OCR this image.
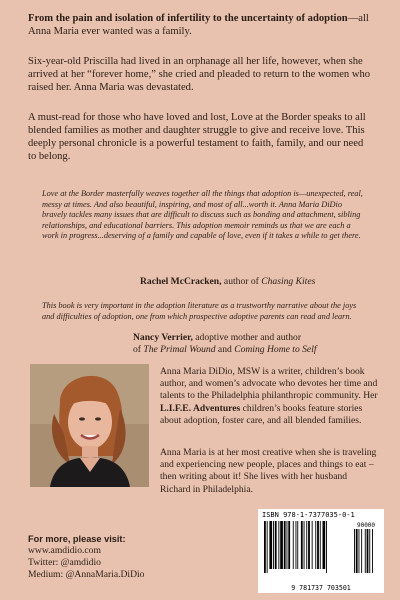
From the pain and isolation of infertility to the uncertainty of adoption—all Anna Maria ever wanted was a family.

Six-year-old Priscilla had lived in an orphanage all her life, however, when she arrived at her “forever home,” she cried and pleaded to return to the women who raised her. Anna Maria was devastated.

A must-read for those who have loved and lost, Love at the Border speaks to all blended families as mother and daughter struggle to give and receive love. This deeply personal chronicle is a powerful testament to faith, family, and our need to belong.

Love at the Border masterfully weaves together all the things that adoption is—unexpected, real, messy at times. And also beautiful, inspiring, and most of all...worth it. Anna Maria DiDio bravely tackles many issues that are difficult to discuss such as bonding and attachment, sibling relationships, and educational barriers. This adoption memoir reminds us that we are each a work in progress...deserving of a family and capable of love, even if it takes a while to get there.
Rachel McCracken, author of Chasing Kites
This book is very important in the adoption literature as a trustworthy narrative about the joys and difficulties of adoption, one from which prospective adoptive parents can read and learn.
Nancy Verrier, adoptive mother and author
of The Primal Wound and Coming Home to Self
Anna Maria DiDio, MSW is a writer, children’s book author, and women’s advocate who devotes her time and talents to the Philadelphia philanthropic community. Her L.I.F.E. Adventures children’s books feature stories about adoption, foster care, and all blended families.
Anna Maria is at her most creative when she is traveling and experiencing new people, places and things to eat – then writing about it! She lives with her husband Richard in Philadelphia.
For more, please visit:
www.amdidio.com
Twitter: @amdidio
Medium: @AnnaMaria.DiDio
ISBN 978-1-7377035-0-1
90000
9 781737 703501
